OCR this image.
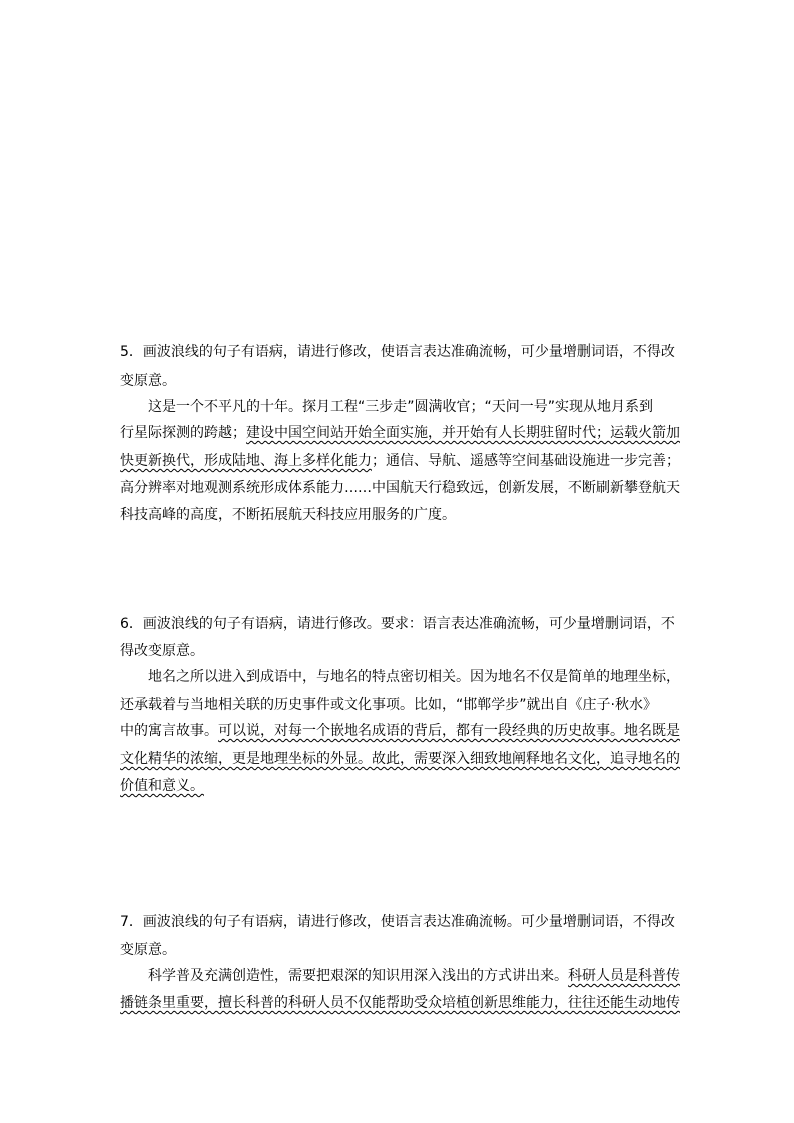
5．画波浪线的句子有语病，请进行修改，使语言表达准确流畅，可少量增删词语，不得改
变原意。
这是一个不平凡的十年。探月工程“三步走”圆满收官；“天问一号”实现从地月系到
行星际探测的跨越；建设中国空间站开始全面实施，并开始有人长期驻留时代；运载火箭加
快更新换代，形成陆地、海上多样化能力；通信、导航、遥感等空间基础设施进一步完善；
高分辨率对地观测系统形成体系能力……中国航天行稳致远，创新发展，不断刷新攀登航天
科技高峰的高度，不断拓展航天科技应用服务的广度。
6．画波浪线的句子有语病，请进行修改。要求：语言表达准确流畅，可少量增删词语，不
得改变原意。
地名之所以进入到成语中，与地名的特点密切相关。因为地名不仅是简单的地理坐标，
还承载着与当地相关联的历史事件或文化事项。比如，“邯郸学步”就出自《庄子·秋水》
中的寓言故事。可以说，对每一个嵌地名成语的背后，都有一段经典的历史故事。地名既是
文化精华的浓缩，更是地理坐标的外显。故此，需要深入细致地阐释地名文化，追寻地名的
价值和意义。
7．画波浪线的句子有语病，请进行修改，使语言表达准确流畅。可少量增删词语，不得改
变原意。
科学普及充满创造性，需要把艰深的知识用深入浅出的方式讲出来。科研人员是科普传
播链条里重要，擅长科普的科研人员不仅能帮助受众培植创新思维能力，往往还能生动地传
